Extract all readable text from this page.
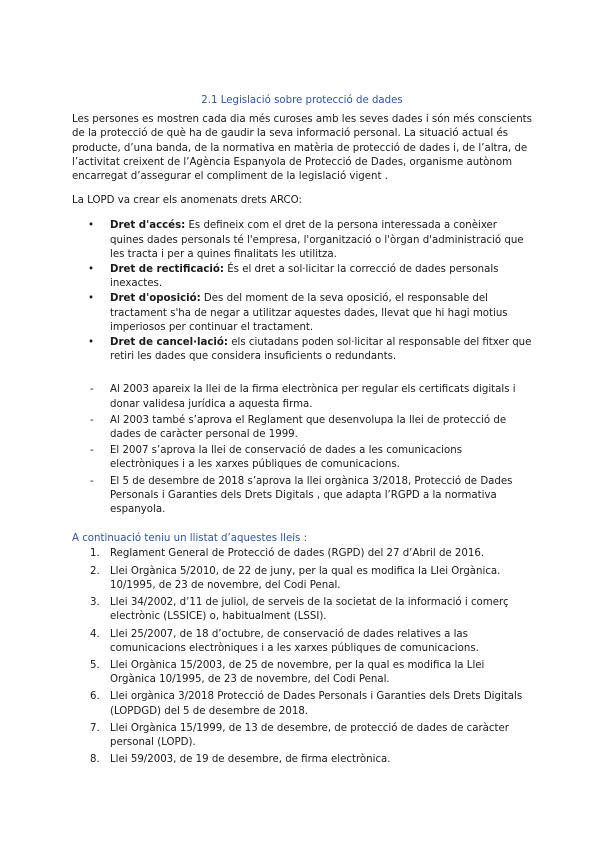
2.1 Legislació sobre protecció de dades

Les persones es mostren cada dia més curoses amb les seves dades i són més conscients de la protecció de què ha de gaudir la seva informació personal. La situació actual és producte, d’una banda, de la normativa en matèria de protecció de dades i, de l’altra, de l’activitat creixent de l’Agència Espanyola de Protecció de Dades, organisme autònom encarregat d’assegurar el compliment de la legislació vigent .

La LOPD va crear els anomenats drets ARCO:

• Dret d'accés: Es defineix com el dret de la persona interessada a conèixer quines dades personals té l'empresa, l'organització o l'òrgan d'administració que les tracta i per a quines finalitats les utilitza.
• Dret de rectificació: És el dret a sol·licitar la correcció de dades personals inexactes.
• Dret d'oposició: Des del moment de la seva oposició, el responsable del tractament s'ha de negar a utilitzar aquestes dades, llevat que hi hagi motius imperiosos per continuar el tractament.
• Dret de cancel·lació: els ciutadans poden sol·licitar al responsable del fitxer que retiri les dades que considera insuficients o redundants.
- Al 2003 apareix la llei de la firma electrònica per regular els certificats digitals i donar validesa jurídica a aquesta firma.
- Al 2003 també s’aprova el Reglament que desenvolupa la llei de protecció de dades de caràcter personal de 1999.
- El 2007 s’aprova la llei de conservació de dades a les comunicacions electròniques i a les xarxes públiques de comunicacions.
- El 5 de desembre de 2018 s’aprova la llei orgànica 3/2018, Protecció de Dades Personals i Garanties dels Drets Digitals , que adapta l’RGPD a la normativa espanyola.

A continuació teniu un llistat d’aquestes lleis :

1. Reglament General de Protecció de dades (RGPD) del 27 d’Abril de 2016.
2. Llei Orgànica 5/2010, de 22 de juny, per la qual es modifica la Llei Orgànica. 10/1995, de 23 de novembre, del Codi Penal.
3. Llei 34/2002, d’11 de juliol, de serveis de la societat de la informació i comerç electrònic (LSSICE) o, habitualment (LSSI).
4. Llei 25/2007, de 18 d’octubre, de conservació de dades relatives a las comunicacions electròniques i a les xarxes públiques de comunicacions.
5. Llei Orgànica 15/2003, de 25 de novembre, per la qual es modifica la Llei Orgànica 10/1995, de 23 de novembre, del Codi Penal.
6. Llei orgànica 3/2018 Protecció de Dades Personals i Garanties dels Drets Digitals (LOPDGD) del 5 de desembre de 2018.
7. Llei Orgànica 15/1999, de 13 de desembre, de protecció de dades de caràcter personal (LOPD).
8. Llei 59/2003, de 19 de desembre, de firma electrònica.
